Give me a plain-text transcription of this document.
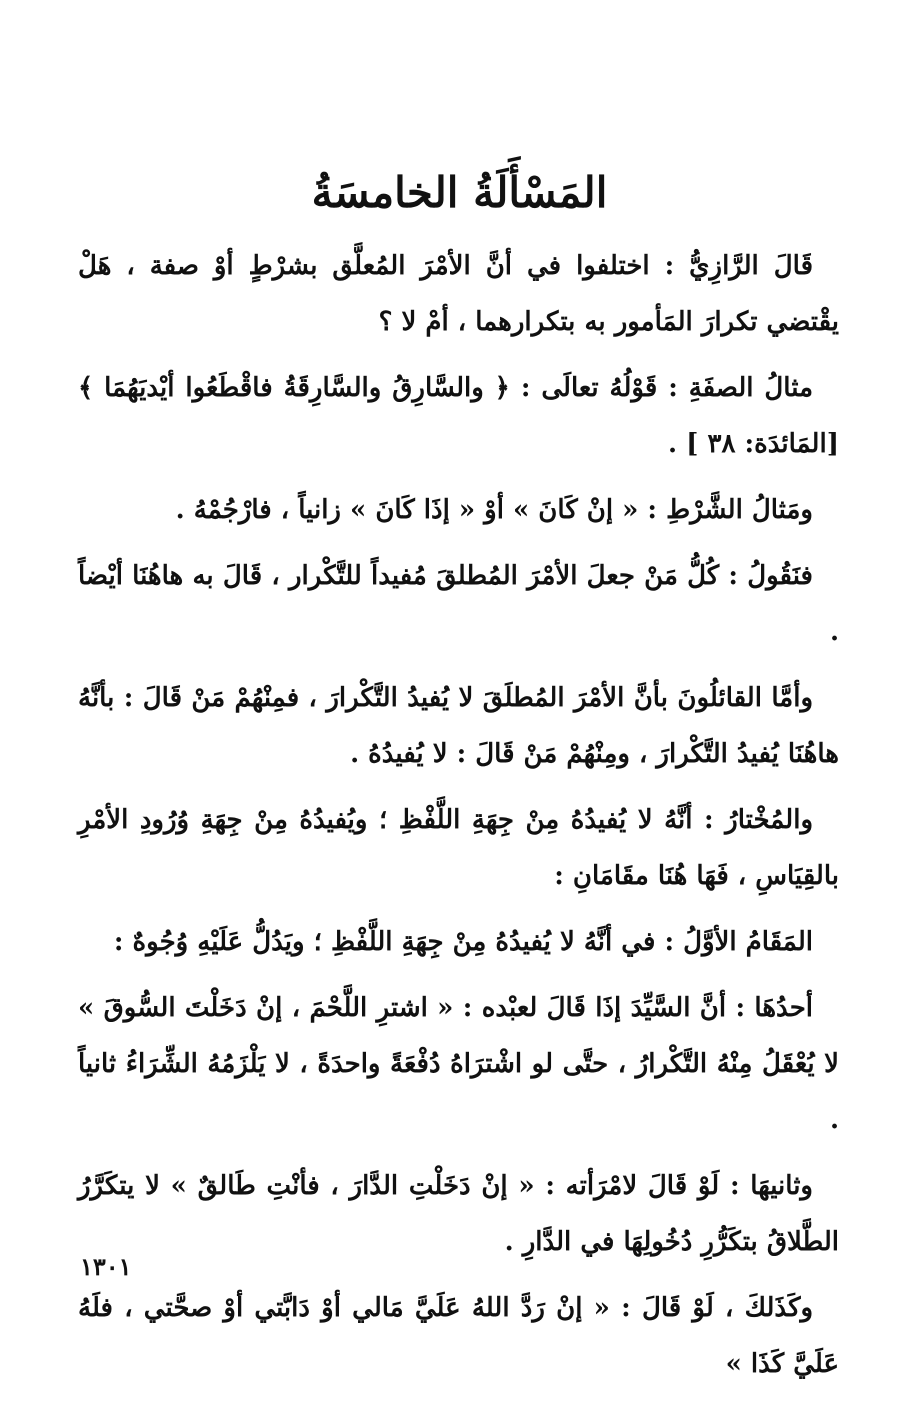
المَسْأَلَةُ الخامسَةُ

قَالَ الرَّازِيُّ : اختلفوا في أنَّ الأمْرَ المُعلَّق بشرْطٍ أوْ صفة ، هَلْ يقْتضي تكرارَ المَأمور به بتكرارهما ، أمْ لا ؟

مثالُ الصفَةِ : قَوْلُهُ تعالَى : ﴿ والسَّارِقُ والسَّارِقَةُ فاقْطَعُوا أيْديَهُمَا ﴾ [المَائدَة: ٣٨ ] .

ومَثالُ الشَّرْطِ : « إنْ كَانَ » أوْ « إذَا كَانَ » زانياً ، فارْجُمْهُ .

فنَقُولُ : كُلُّ مَنْ جعلَ الأمْرَ المُطلقَ مُفيداً للتَّكْرار ، قَالَ به هاهُنَا أيْضاً .

وأمَّا القائلُونَ بأنَّ الأمْرَ المُطلَقَ لا يُفيدُ التَّكْرارَ ، فمِنْهُمْ مَنْ قَالَ : بأنَّهُ هاهُنَا يُفيدُ التَّكْرارَ ، ومِنْهُمْ مَنْ قَالَ : لا يُفيدُهُ .

والمُخْتارُ : أنَّهُ لا يُفيدُهُ مِنْ جِهَةِ اللَّفْظِ ؛ ويُفيدُهُ مِنْ جِهَةِ وُرُودِ الأمْرِ بالقِيَاسِ ، فَهَا هُنَا مقَامَانِ :

المَقَامُ الأوَّلُ : في أنَّهُ لا يُفيدُهُ مِنْ جِهَةِ اللَّفْظِ ؛ ويَدُلُّ عَلَيْهِ وُجُوهٌ :

أحدُهَا : أنَّ السَّيِّدَ إذَا قَالَ لعبْده : « اشترِ اللَّحْمَ ، إنْ دَخَلْتَ السُّوقَ » لا يُعْقَلُ مِنْهُ التَّكْرارُ ، حتَّى لو اشْترَاهُ دُفْعَةً واحدَةً ، لا يَلْزَمُهُ الشِّرَاءُ ثانياً .

وثانيهَا : لَوْ قَالَ لامْرَأته : « إنْ دَخَلْتِ الدَّارَ ، فأنْتِ طَالقٌ » لا يتكَرَّرُ الطَّلاقُ بتكَرُّرِ دُخُولِهَا في الدَّارِ .

وكَذَلكَ ، لَوْ قَالَ : « إنْ رَدَّ اللهُ عَلَيَّ مَالي أوْ دَابَّتي أوْ صحَّتي ، فلَهُ عَلَيَّ كَذَا »

١٣٠١
